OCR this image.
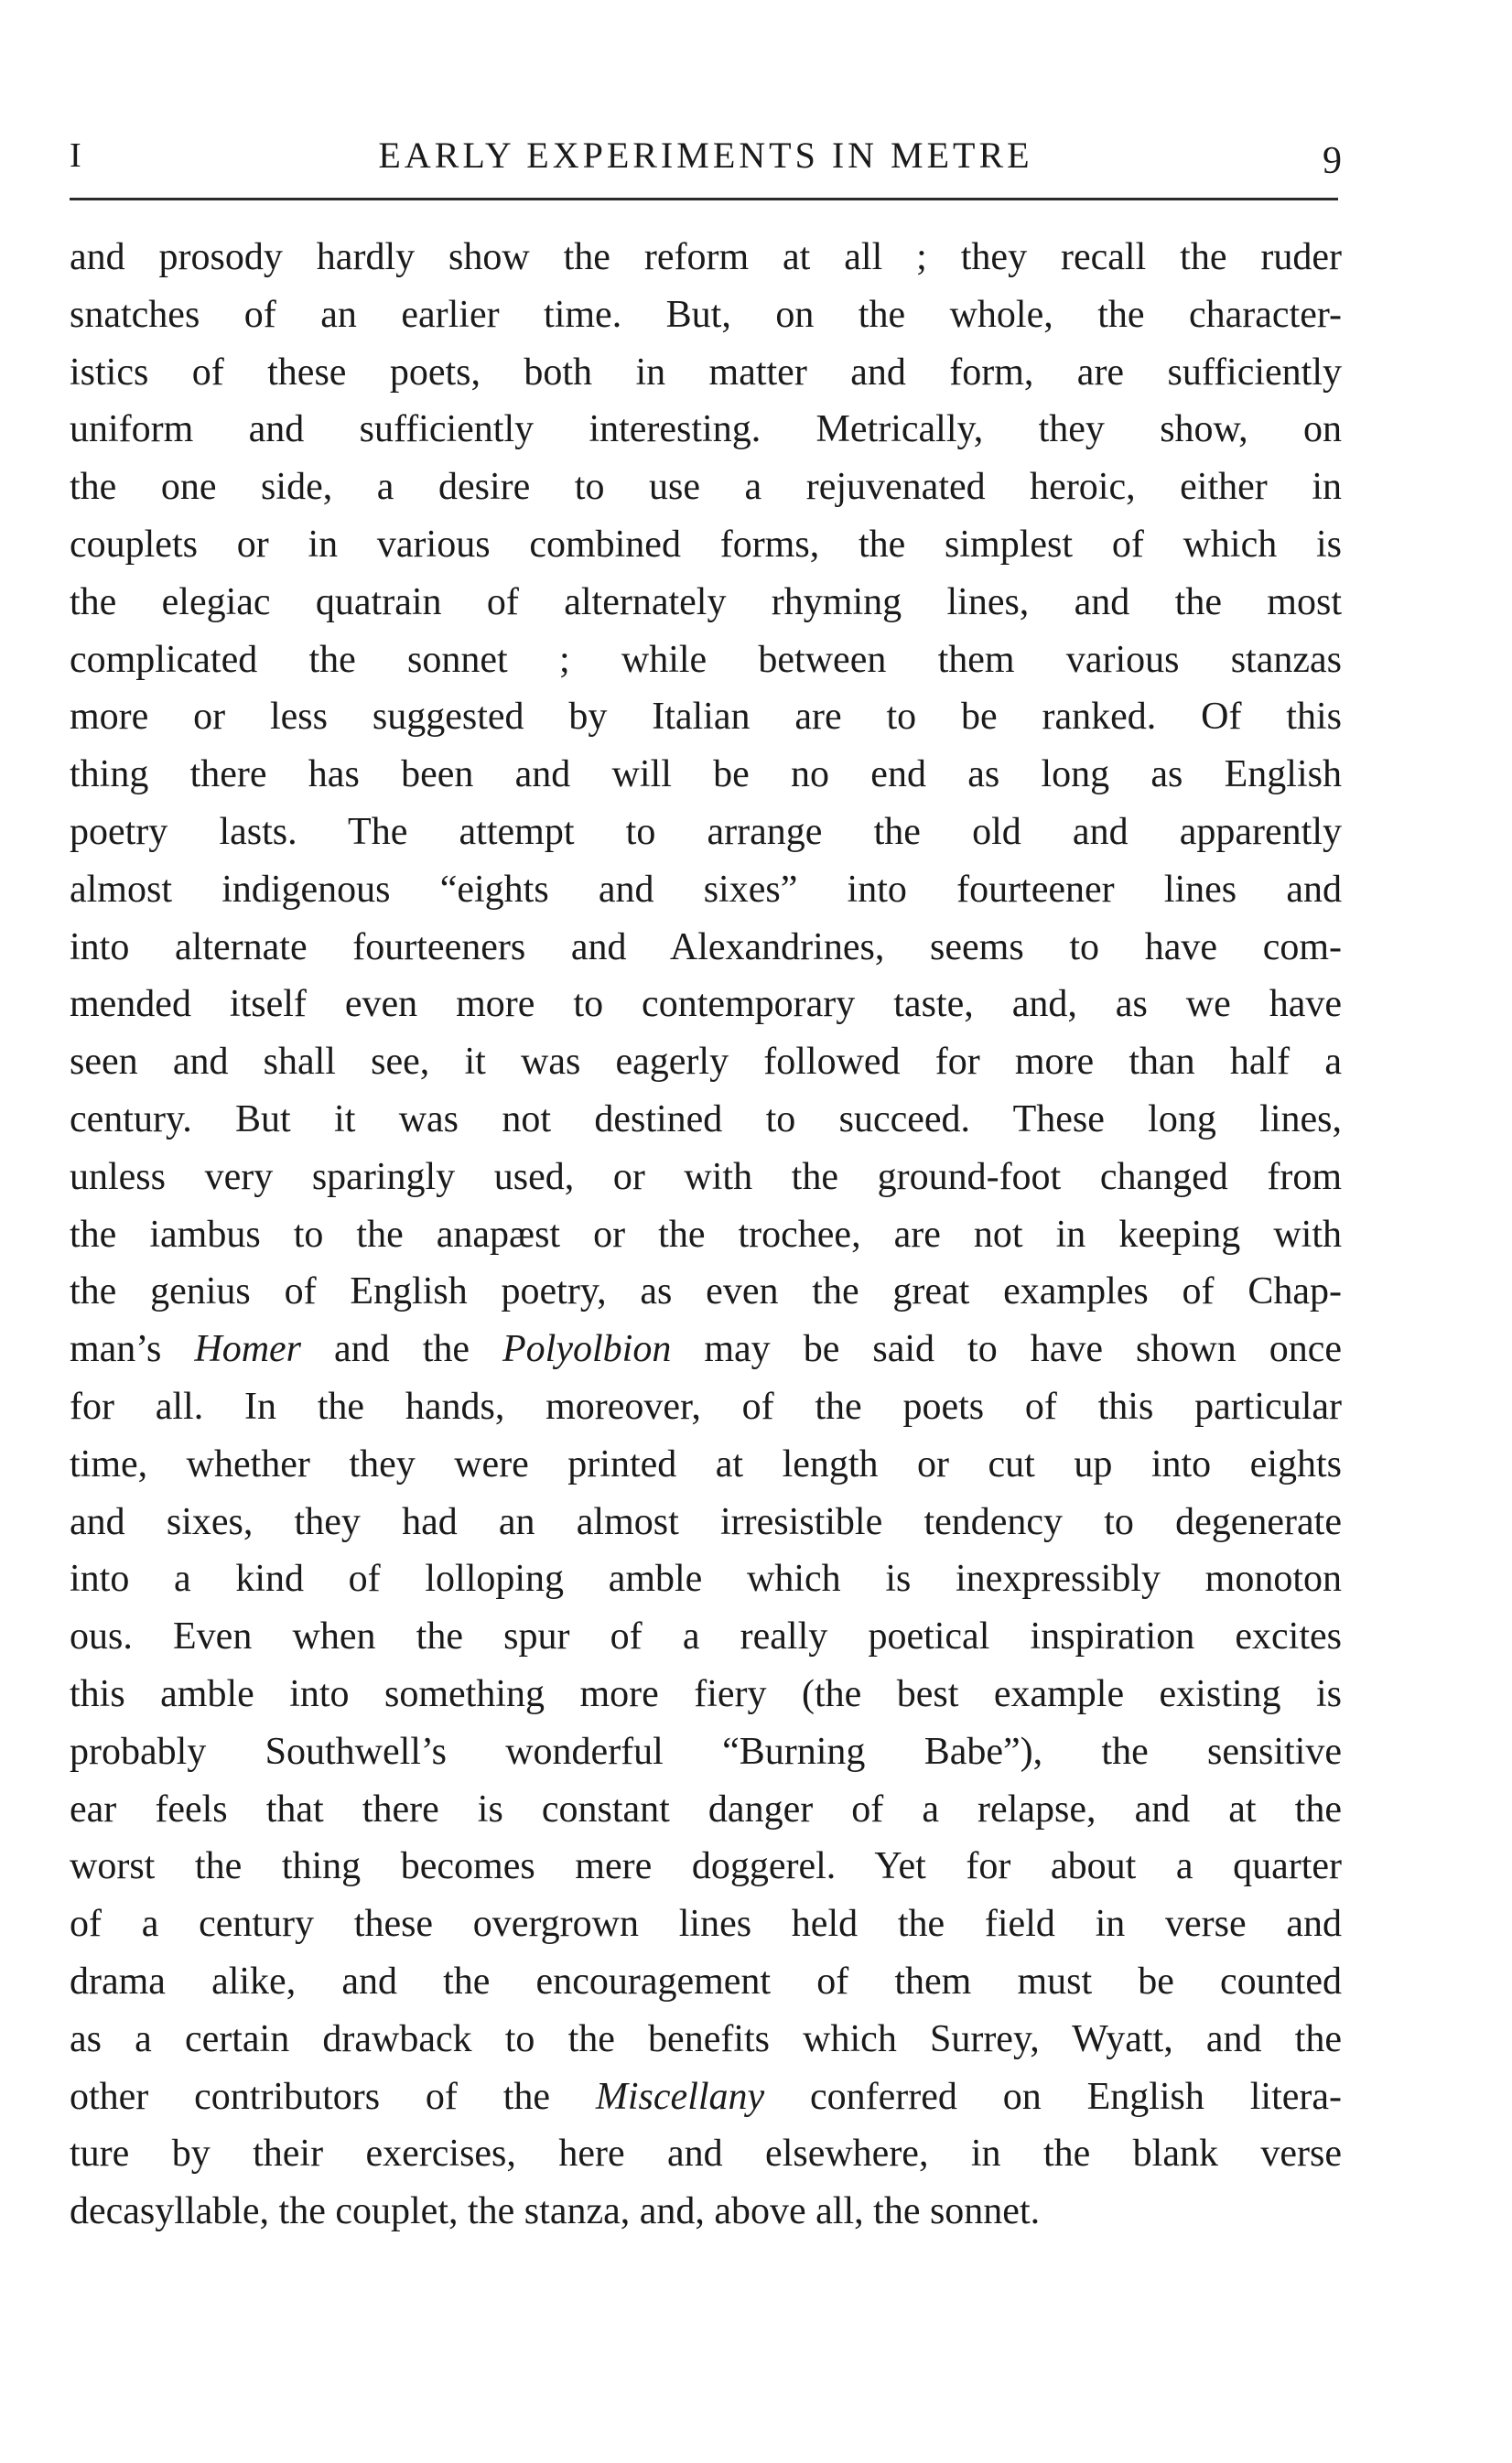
I	EARLY EXPERIMENTS IN METRE	9
and prosody hardly show the reform at all ; they recall the ruder
snatches of an earlier time. But, on the whole, the character-
istics of these poets, both in matter and form, are sufficiently
uniform and sufficiently interesting. Metrically, they show, on
the one side, a desire to use a rejuvenated heroic, either in
couplets or in various combined forms, the simplest of which is
the elegiac quatrain of alternately rhyming lines, and the most
complicated the sonnet ; while between them various stanzas
more or less suggested by Italian are to be ranked. Of this
thing there has been and will be no end as long as English
poetry lasts. The attempt to arrange the old and apparently
almost indigenous “eights and sixes” into fourteener lines and
into alternate fourteeners and Alexandrines, seems to have com-
mended itself even more to contemporary taste, and, as we have
seen and shall see, it was eagerly followed for more than half a
century. But it was not destined to succeed. These long lines,
unless very sparingly used, or with the ground-foot changed from
the iambus to the anapæst or the trochee, are not in keeping with
the genius of English poetry, as even the great examples of Chap-
man’s Homer and the Polyolbion may be said to have shown once
for all. In the hands, moreover, of the poets of this particular
time, whether they were printed at length or cut up into eights
and sixes, they had an almost irresistible tendency to degenerate
into a kind of lolloping amble which is inexpressibly monoton
ous. Even when the spur of a really poetical inspiration excites
this amble into something more fiery (the best example existing is
probably Southwell’s wonderful “Burning Babe”), the sensitive
ear feels that there is constant danger of a relapse, and at the
worst the thing becomes mere doggerel. Yet for about a quarter
of a century these overgrown lines held the field in verse and
drama alike, and the encouragement of them must be counted
as a certain drawback to the benefits which Surrey, Wyatt, and the
other contributors of the Miscellany conferred on English litera-
ture by their exercises, here and elsewhere, in the blank verse
decasyllable, the couplet, the stanza, and, above all, the sonnet.
